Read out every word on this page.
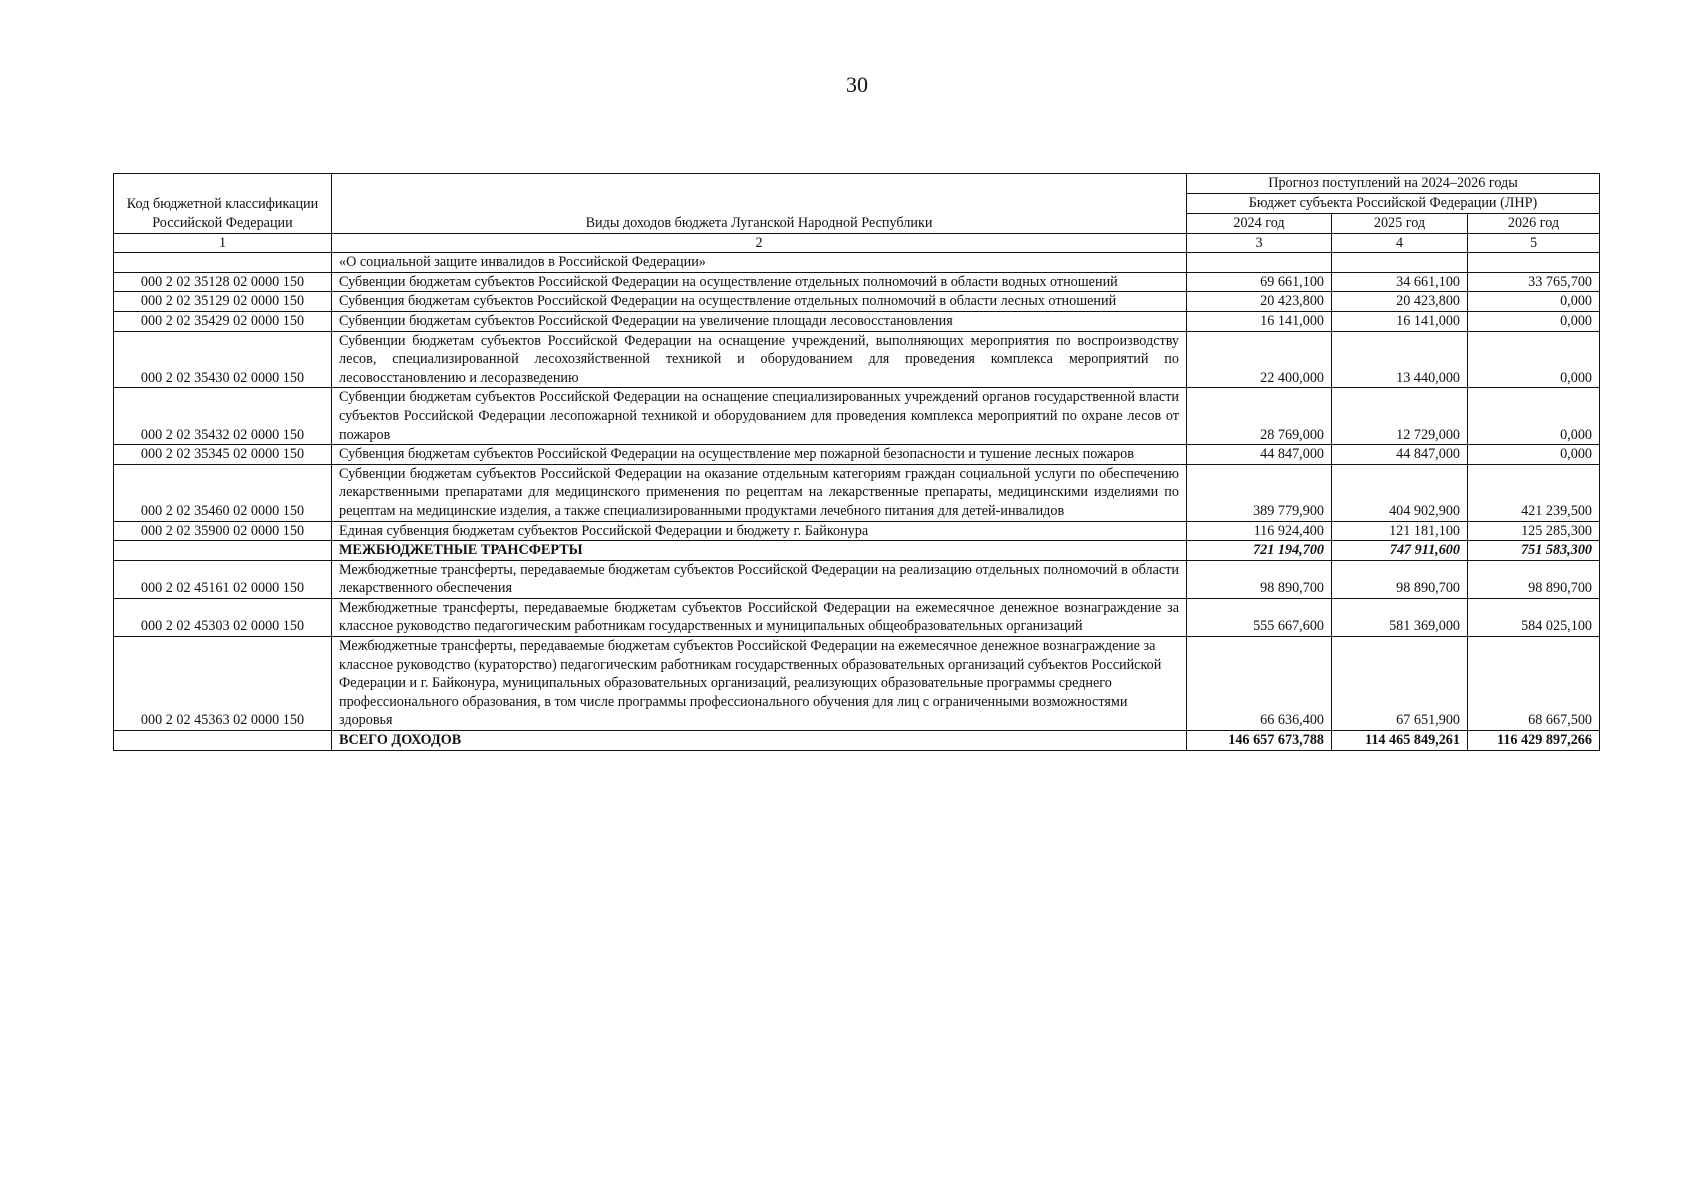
30
Код бюджетной классификации Российской Федерации	Виды доходов бюджета Луганской Народной Республики	Прогноз поступлений на 2024–2026 годы		
		Бюджет субъекта Российской Федерации (ЛНР)		
		2024 год	2025 год	2026 год
1	2	3	4	5
	«О социальной защите инвалидов в Российской Федерации»			
000 2 02 35128 02 0000 150	Субвенции бюджетам субъектов Российской Федерации на осуществление отдельных полномочий в области водных отношений	69 661,100	34 661,100	33 765,700
000 2 02 35129 02 0000 150	Субвенция бюджетам субъектов Российской Федерации на осуществление отдельных полномочий в области лесных отношений	20 423,800	20 423,800	0,000
000 2 02 35429 02 0000 150	Субвенции бюджетам субъектов Российской Федерации на увеличение площади лесовосстановления	16 141,000	16 141,000	0,000
000 2 02 35430 02 0000 150	Субвенции бюджетам субъектов Российской Федерации на оснащение учреждений, выполняющих мероприятия по воспроизводству лесов, специализированной лесохозяйственной техникой и оборудованием для проведения комплекса мероприятий по лесовосстановлению и лесоразведению	22 400,000	13 440,000	0,000
000 2 02 35432 02 0000 150	Субвенции бюджетам субъектов Российской Федерации на оснащение специализированных учреждений органов государственной власти субъектов Российской Федерации лесопожарной техникой и оборудованием для проведения комплекса мероприятий по охране лесов от пожаров	28 769,000	12 729,000	0,000
000 2 02 35345 02 0000 150	Субвенция бюджетам субъектов Российской Федерации на осуществление мер пожарной безопасности и тушение лесных пожаров	44 847,000	44 847,000	0,000
000 2 02 35460 02 0000 150	Субвенции бюджетам субъектов Российской Федерации на оказание отдельным категориям граждан социальной услуги по обеспечению лекарственными препаратами для медицинского применения по рецептам на лекарственные препараты, медицинскими изделиями по рецептам на медицинские изделия, а также специализированными продуктами лечебного питания для детей-инвалидов	389 779,900	404 902,900	421 239,500
000 2 02 35900 02 0000 150	Единая субвенция бюджетам субъектов Российской Федерации и бюджету г. Байконура	116 924,400	121 181,100	125 285,300
	МЕЖБЮДЖЕТНЫЕ ТРАНСФЕРТЫ	721 194,700	747 911,600	751 583,300
000 2 02 45161 02 0000 150	Межбюджетные трансферты, передаваемые бюджетам субъектов Российской Федерации на реализацию отдельных полномочий в области лекарственного обеспечения	98 890,700	98 890,700	98 890,700
000 2 02 45303 02 0000 150	Межбюджетные трансферты, передаваемые бюджетам субъектов Российской Федерации на ежемесячное денежное вознаграждение за классное руководство педагогическим работникам государственных и муниципальных общеобразовательных организаций	555 667,600	581 369,000	584 025,100
000 2 02 45363 02 0000 150	Межбюджетные трансферты, передаваемые бюджетам субъектов Российской Федерации на ежемесячное денежное вознаграждение за классное руководство (кураторство) педагогическим работникам государственных образовательных организаций субъектов Российской Федерации и г. Байконура, муниципальных образовательных организаций, реализующих образовательные программы среднего профессионального образования, в том числе программы профессионального обучения для лиц с ограниченными возможностями здоровья	66 636,400	67 651,900	68 667,500
	ВСЕГО ДОХОДОВ	146 657 673,788	114 465 849,261	116 429 897,266
